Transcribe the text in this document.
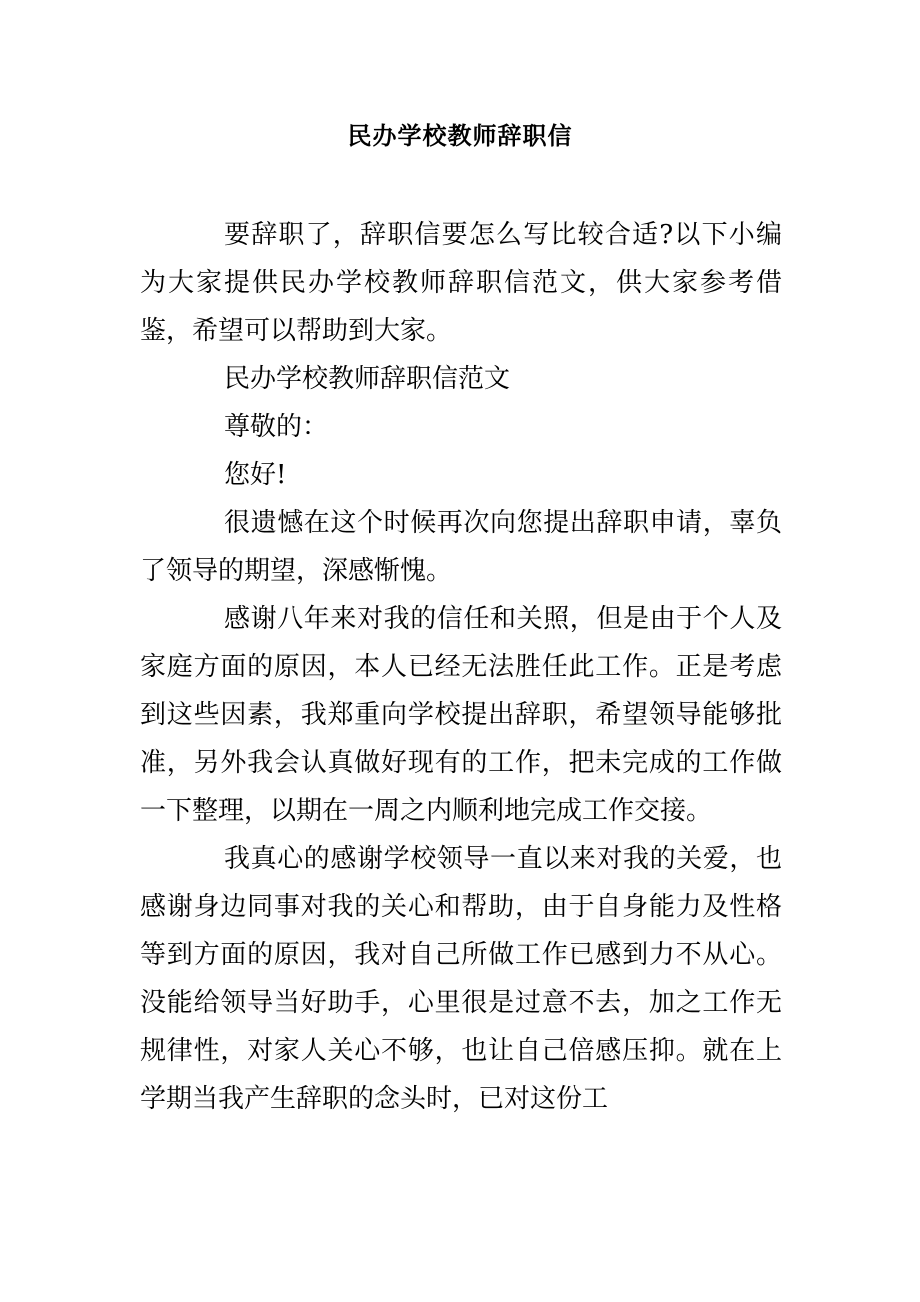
民办学校教师辞职信

要辞职了，辞职信要怎么写比较合适?以下小编为大家提供民办学校教师辞职信范文，供大家参考借鉴，希望可以帮助到大家。

民办学校教师辞职信范文

尊敬的：

您好!

很遗憾在这个时候再次向您提出辞职申请，辜负了领导的期望，深感惭愧。

感谢八年来对我的信任和关照，但是由于个人及家庭方面的原因，本人已经无法胜任此工作。正是考虑到这些因素，我郑重向学校提出辞职，希望领导能够批准，另外我会认真做好现有的工作，把未完成的工作做一下整理，以期在一周之内顺利地完成工作交接。

我真心的感谢学校领导一直以来对我的关爱，也感谢身边同事对我的关心和帮助，由于自身能力及性格等到方面的原因，我对自己所做工作已感到力不从心。没能给领导当好助手，心里很是过意不去，加之工作无规律性，对家人关心不够，也让自己倍感压抑。就在上学期当我产生辞职的念头时，已对这份工
